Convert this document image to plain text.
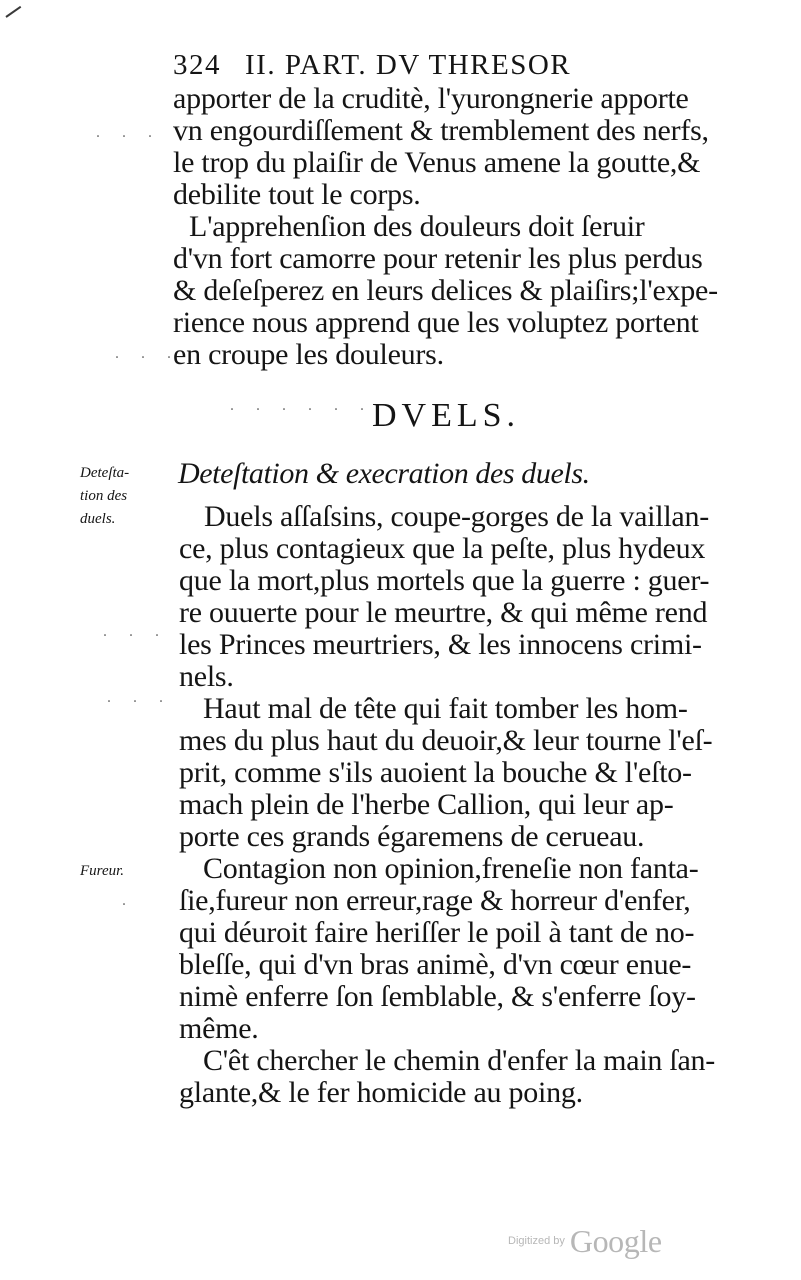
324 II. PART. DV THRESOR
apporter de la cruditè, l'yurongnerie apporte
vn engourdiſſement & tremblement des nerfs,
le trop du plaiſir de Venus amene la goutte,&
debilite tout le corps.
L'apprehenſion des douleurs doit ſeruir
d'vn fort camorre pour retenir les plus perdus
& deſeſperez en leurs delices & plaiſirs;l'expe-
rience nous apprend que les voluptez portent
en croupe les douleurs.
DVELS.
Deteſtation & execration des duels.
Deteſta-
tion des
duels.
Fureur.
Duels aſſaſsins, coupe-gorges de la vaillan-
ce, plus contagieux que la peſte, plus hydeux
que la mort,plus mortels que la guerre : guer-
re ouuerte pour le meurtre, & qui même rend
les Princes meurtriers, & les innocens crimi-
nels.
Haut mal de tête qui fait tomber les hom-
mes du plus haut du deuoir,& leur tourne l'eſ-
prit, comme s'ils auoient la bouche & l'eſto-
mach plein de l'herbe Callion, qui leur ap-
porte ces grands égaremens de cerueau.
Contagion non opinion,freneſie non fanta-
ſie,fureur non erreur,rage & horreur d'enfer,
qui déuroit faire heriſſer le poil à tant de no-
bleſſe, qui d'vn bras animè, d'vn cœur enue-
nimè enferre ſon ſemblable, & s'enferre ſoy-
même.
C'êt chercher le chemin d'enfer la main ſan-
glante,& le fer homicide au poing.
. . .
. . .
. . . . . .
. . .
. . .
.
$^{Digitized by}$ Google
